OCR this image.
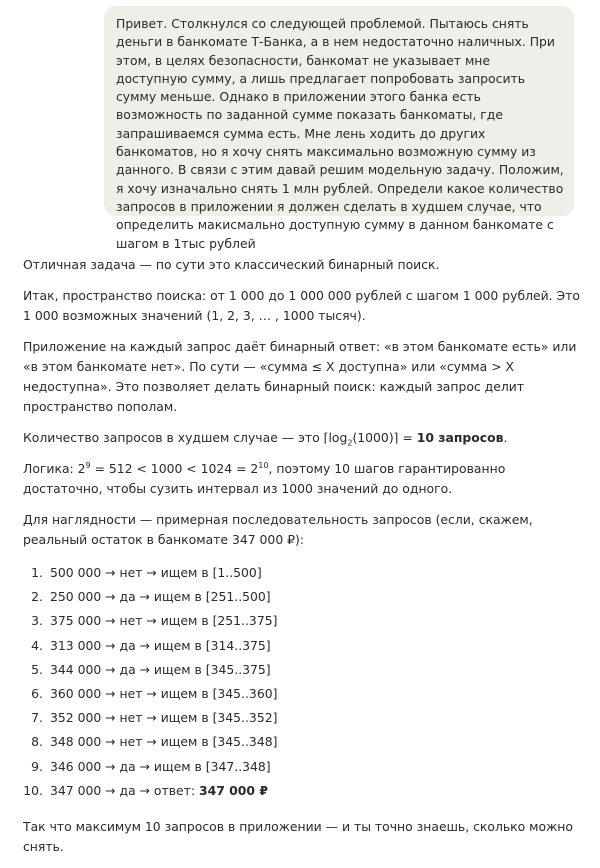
Привет. Столкнулся со следующей проблемой. Пытаюсь снять деньги в банкомате Т-Банка, а в нем недостаточно наличных. При этом, в целях безопасности, банкомат не указывает мне доступную сумму, а лишь предлагает попробовать запросить сумму меньше. Однако в приложении этого банка есть возможность по заданной сумме показать банкоматы, где запрашиваемся сумма есть. Мне лень ходить до других банкоматов, но я хочу снять максимально возможную сумму из данного. В связи с этим давай решим модельную задачу. Положим, я хочу изначально снять 1 млн рублей. Определи какое количество запросов в приложении я должен сделать в худшем случае, что определить макисмально доступную сумму в данном банкомате с шагом в 1тыс рублей

Отличная задача — по сути это классический бинарный поиск.

Итак, пространство поиска: от 1 000 до 1 000 000 рублей с шагом 1 000 рублей. Это 1 000 возможных значений (1, 2, 3, … , 1000 тысяч).

Приложение на каждый запрос даёт бинарный ответ: «в этом банкомате есть» или «в этом банкомате нет». По сути — «сумма ≤ X доступна» или «сумма > X недоступна». Это позволяет делать бинарный поиск: каждый запрос делит пространство пополам.

Количество запросов в худшем случае — это $⌈\log_2(1000)⌉ = 10$ запросов.

Логика: $2^9 = 512 < 1000 < 1024 = 2^{10}$, поэтому 10 шагов гарантированно достаточно, чтобы сузить интервал из 1000 значений до одного.

Для наглядности — примерная последовательность запросов (если, скажем, реальный остаток в банкомате 347 000 ₽):

1. 500 000 → нет → ищем в [1..500]
2. 250 000 → да → ищем в [251..500]
3. 375 000 → нет → ищем в [251..375]
4. 313 000 → да → ищем в [314..375]
5. 344 000 → да → ищем в [345..375]
6. 360 000 → нет → ищем в [345..360]
7. 352 000 → нет → ищем в [345..352]
8. 348 000 → нет → ищем в [345..348]
9. 346 000 → да → ищем в [347..348]
10. 347 000 → да → ответ: 347 000 ₽

Так что максимум 10 запросов в приложении — и ты точно знаешь, сколько можно снять.
